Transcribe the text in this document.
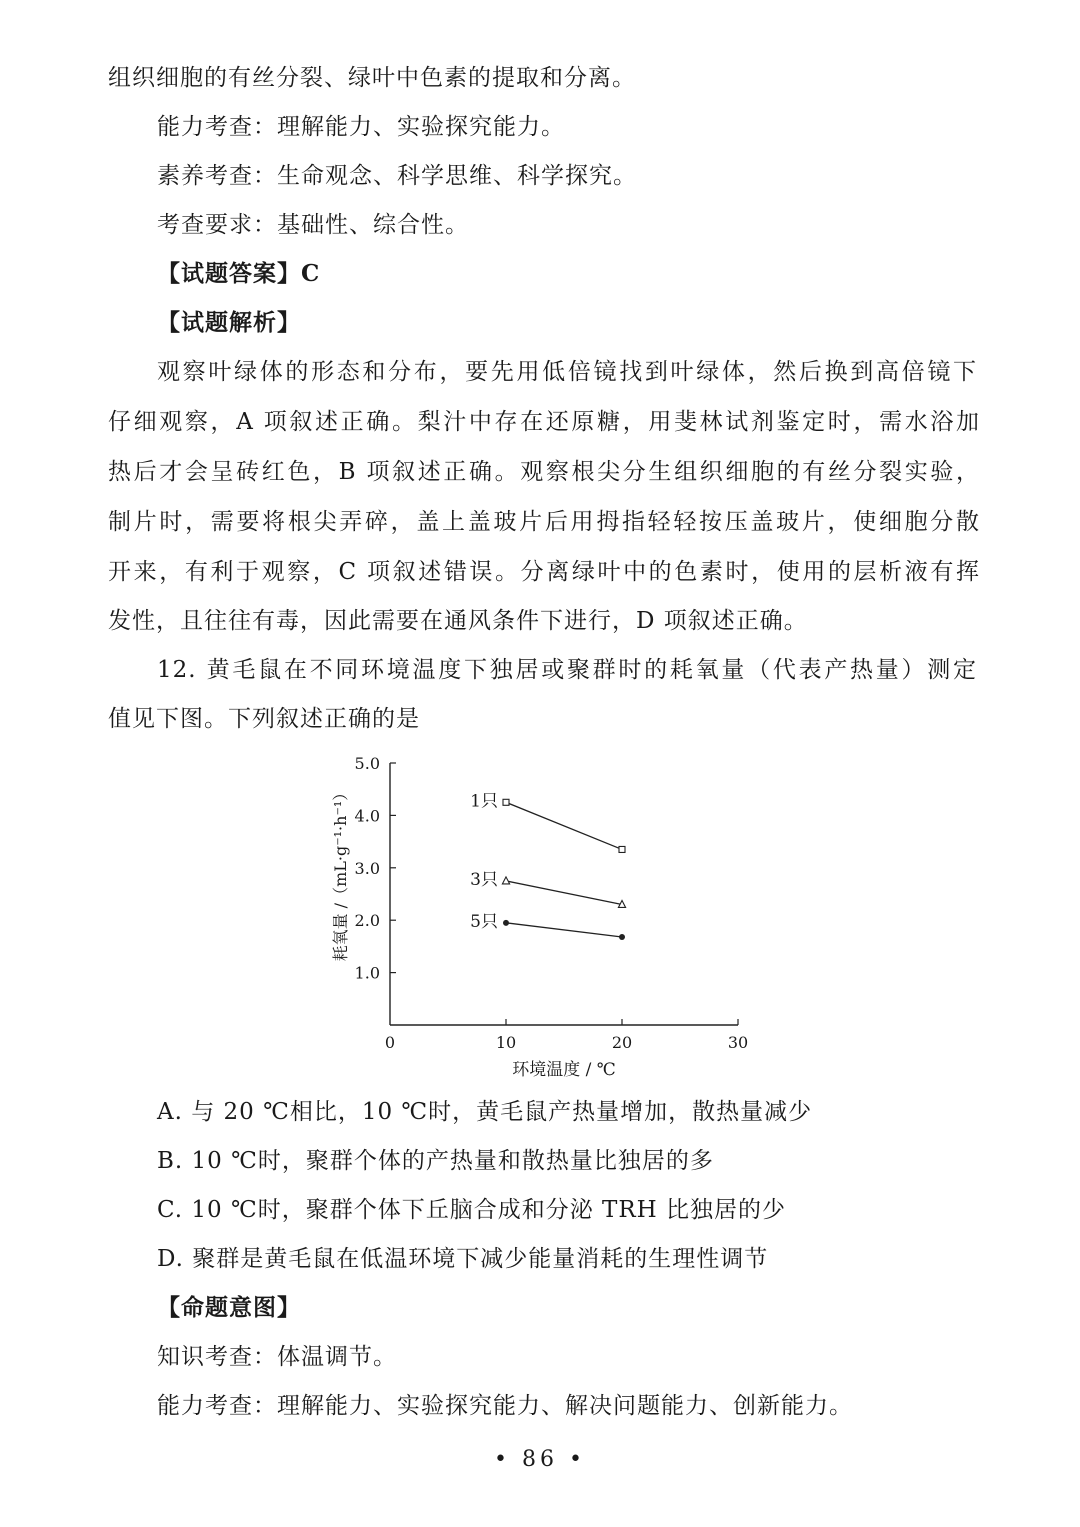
组织细胞的有丝分裂、绿叶中色素的提取和分离。
能力考查：理解能力、实验探究能力。
素养考查：生命观念、科学思维、科学探究。
考查要求：基础性、综合性。
【试题答案】C
【试题解析】
观察叶绿体的形态和分布，要先用低倍镜找到叶绿体，然后换到高倍镜下
仔细观察，A 项叙述正确。梨汁中存在还原糖，用斐林试剂鉴定时，需水浴加
热后才会呈砖红色，B 项叙述正确。观察根尖分生组织细胞的有丝分裂实验，
制片时，需要将根尖弄碎，盖上盖玻片后用拇指轻轻按压盖玻片，使细胞分散
开来，有利于观察，C 项叙述错误。分离绿叶中的色素时，使用的层析液有挥
发性，且往往有毒，因此需要在通风条件下进行，D 项叙述正确。
12. 黄毛鼠在不同环境温度下独居或聚群时的耗氧量（代表产热量）测定
值见下图。下列叙述正确的是
1.0
2.0
3.0
4.0
5.0
0	10	20	30
环境温度 / ℃
耗氧量 /（mL·g⁻¹·h⁻¹）	1只
3只
5只
A. 与 20 ℃相比，10 ℃时，黄毛鼠产热量增加，散热量减少
B. 10 ℃时，聚群个体的产热量和散热量比独居的多
C. 10 ℃时，聚群个体下丘脑合成和分泌 TRH 比独居的少
D. 聚群是黄毛鼠在低温环境下减少能量消耗的生理性调节
【命题意图】
知识考查：体温调节。
能力考查：理解能力、实验探究能力、解决问题能力、创新能力。
• 86 •
